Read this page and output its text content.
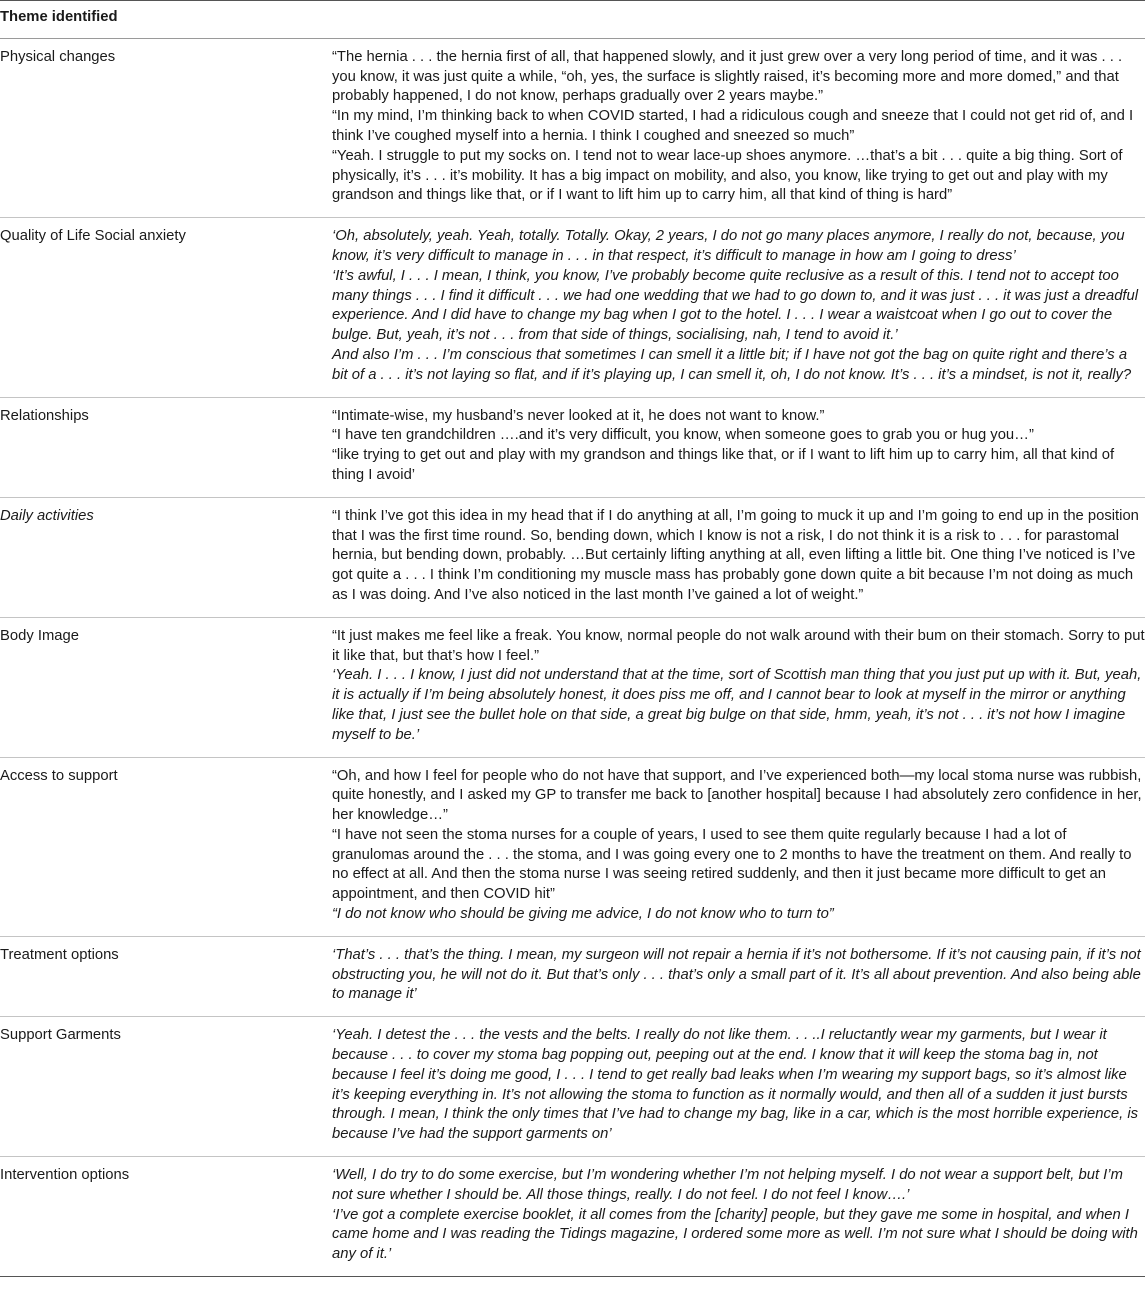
Theme identified	
Physical changes	“The hernia . . . the hernia first of all, that happened slowly, and it just grew over a very long period of time, and it was . . . you know, it was just quite a while, “oh, yes, the surface is slightly raised, it’s becoming more and more domed,” and that probably happened, I do not know, perhaps gradually over 2 years maybe.”
“In my mind, I’m thinking back to when COVID started, I had a ridiculous cough and sneeze that I could not get rid of, and I think I’ve coughed myself into a hernia. I think I coughed and sneezed so much”
“Yeah. I struggle to put my socks on. I tend not to wear lace-up shoes anymore. …that’s a bit . . . quite a big thing. Sort of physically, it’s . . . it’s mobility. It has a big impact on mobility, and also, you know, like trying to get out and play with my grandson and things like that, or if I want to lift him up to carry him, all that kind of thing is hard”

Quality of Life Social anxiety	‘Oh, absolutely, yeah. Yeah, totally. Totally. Okay, 2 years, I do not go many places anymore, I really do not, because, you know, it’s very difficult to manage in . . . in that respect, it’s difficult to manage in how am I going to dress’
‘It’s awful, I . . . I mean, I think, you know, I’ve probably become quite reclusive as a result of this. I tend not to accept too many things . . . I find it difficult . . . we had one wedding that we had to go down to, and it was just . . . it was just a dreadful experience. And I did have to change my bag when I got to the hotel. I . . . I wear a waistcoat when I go out to cover the bulge. But, yeah, it’s not . . . from that side of things, socialising, nah, I tend to avoid it.’
And also I’m . . . I’m conscious that sometimes I can smell it a little bit; if I have not got the bag on quite right and there’s a bit of a . . . it’s not laying so flat, and if it’s playing up, I can smell it, oh, I do not know. It’s . . . it’s a mindset, is not it, really?

Relationships	“Intimate-wise, my husband’s never looked at it, he does not want to know.”
“I have ten grandchildren ….and it’s very difficult, you know, when someone goes to grab you or hug you…”
“like trying to get out and play with my grandson and things like that, or if I want to lift him up to carry him, all that kind of thing I avoid’

Daily activities	“I think I’ve got this idea in my head that if I do anything at all, I’m going to muck it up and I’m going to end up in the position that I was the first time round. So, bending down, which I know is not a risk, I do not think it is a risk to . . . for parastomal hernia, but bending down, probably. …But certainly lifting anything at all, even lifting a little bit. One thing I’ve noticed is I’ve got quite a . . . I think I’m conditioning my muscle mass has probably gone down quite a bit because I’m not doing as much as I was doing. And I’ve also noticed in the last month I’ve gained a lot of weight.”

Body Image	“It just makes me feel like a freak. You know, normal people do not walk around with their bum on their stomach. Sorry to put it like that, but that’s how I feel.”
‘Yeah. I . . . I know, I just did not understand that at the time, sort of Scottish man thing that you just put up with it. But, yeah, it is actually if I’m being absolutely honest, it does piss me off, and I cannot bear to look at myself in the mirror or anything like that, I just see the bullet hole on that side, a great big bulge on that side, hmm, yeah, it’s not . . . it’s not how I imagine myself to be.’

Access to support	“Oh, and how I feel for people who do not have that support, and I’ve experienced both—my local stoma nurse was rubbish, quite honestly, and I asked my GP to transfer me back to [another hospital] because I had absolutely zero confidence in her, her knowledge…”
“I have not seen the stoma nurses for a couple of years, I used to see them quite regularly because I had a lot of granulomas around the . . . the stoma, and I was going every one to 2 months to have the treatment on them. And really to no effect at all. And then the stoma nurse I was seeing retired suddenly, and then it just became more difficult to get an appointment, and then COVID hit”
“I do not know who should be giving me advice, I do not know who to turn to”

Treatment options	‘That’s . . . that’s the thing. I mean, my surgeon will not repair a hernia if it’s not bothersome. If it’s not causing pain, if it’s not obstructing you, he will not do it. But that’s only . . . that’s only a small part of it. It’s all about prevention. And also being able to manage it’

Support Garments	‘Yeah. I detest the . . . the vests and the belts. I really do not like them. . . ..I reluctantly wear my garments, but I wear it because . . . to cover my stoma bag popping out, peeping out at the end. I know that it will keep the stoma bag in, not because I feel it’s doing me good, I . . . I tend to get really bad leaks when I’m wearing my support bags, so it’s almost like it’s keeping everything in. It’s not allowing the stoma to function as it normally would, and then all of a sudden it just bursts through. I mean, I think the only times that I’ve had to change my bag, like in a car, which is the most horrible experience, is because I’ve had the support garments on’

Intervention options	‘Well, I do try to do some exercise, but I’m wondering whether I’m not helping myself. I do not wear a support belt, but I’m not sure whether I should be. All those things, really. I do not feel. I do not feel I know….’
‘I’ve got a complete exercise booklet, it all comes from the [charity] people, but they gave me some in hospital, and when I came home and I was reading the Tidings magazine, I ordered some more as well. I’m not sure what I should be doing with any of it.’
